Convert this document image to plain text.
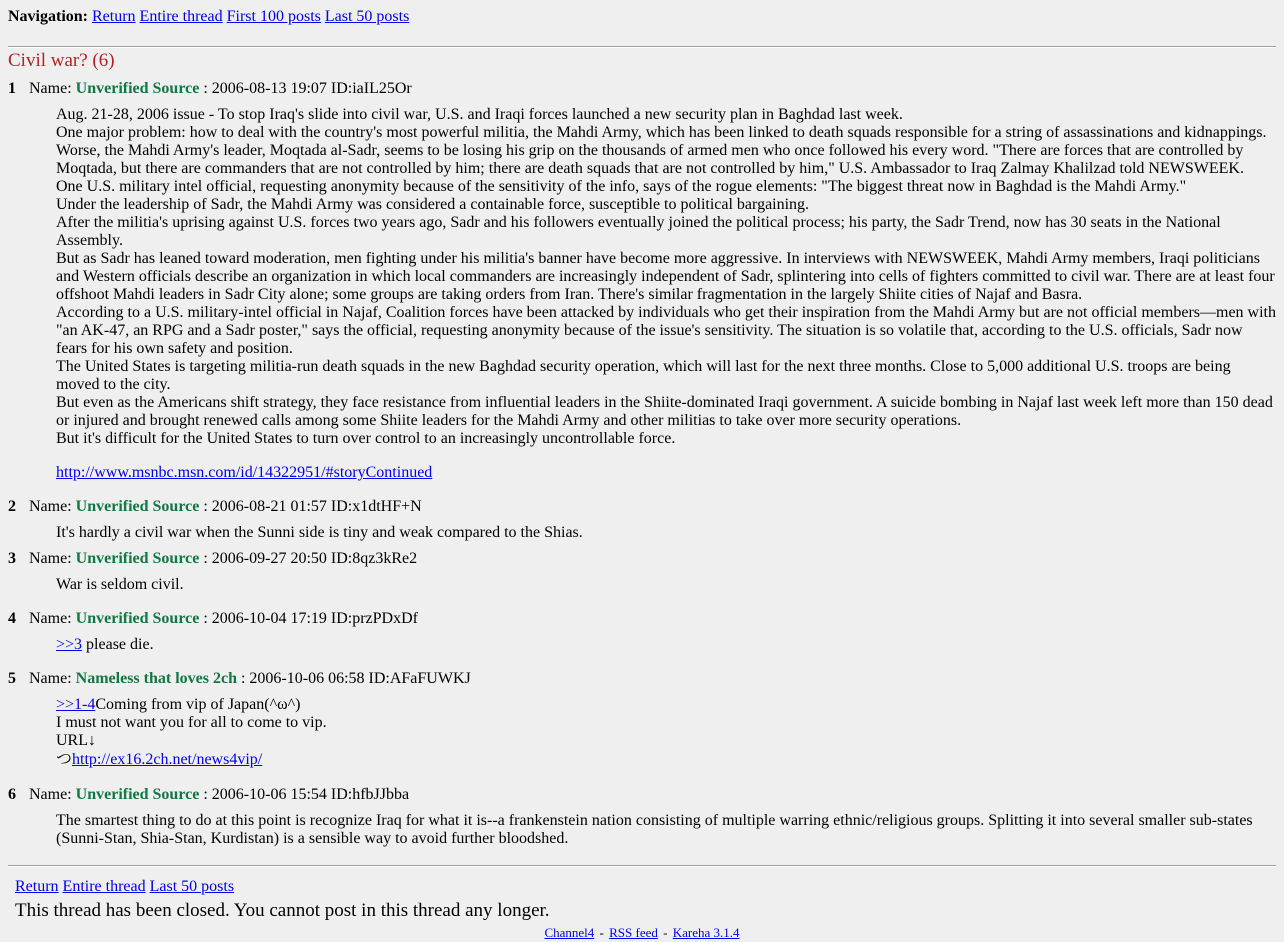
Navigation: Return Entire thread First 100 posts Last 50 posts
Civil war? (6)
1 Name: Unverified Source : 2006-08-13 19:07 ID:iaIL25Or

Aug. 21-28, 2006 issue - To stop Iraq's slide into civil war, U.S. and Iraqi forces launched a new security plan in Baghdad last week.

One major problem: how to deal with the country's most powerful militia, the Mahdi Army, which has been linked to death squads responsible for a string of assassinations and kidnappings.

Worse, the Mahdi Army's leader, Moqtada al-Sadr, seems to be losing his grip on the thousands of armed men who once followed his every word. "There are forces that are controlled by Moqtada, but there are commanders that are not controlled by him; there are death squads that are not controlled by him," U.S. Ambassador to Iraq Zalmay Khalilzad told NEWSWEEK.

One U.S. military intel official, requesting anonymity because of the sensitivity of the info, says of the rogue elements: "The biggest threat now in Baghdad is the Mahdi Army."

Under the leadership of Sadr, the Mahdi Army was considered a containable force, susceptible to political bargaining.

After the militia's uprising against U.S. forces two years ago, Sadr and his followers eventually joined the political process; his party, the Sadr Trend, now has 30 seats in the National Assembly.

But as Sadr has leaned toward moderation, men fighting under his militia's banner have become more aggressive. In interviews with NEWSWEEK, Mahdi Army members, Iraqi politicians and Western officials describe an organization in which local commanders are increasingly independent of Sadr, splintering into cells of fighters committed to civil war. There are at least four offshoot Mahdi leaders in Sadr City alone; some groups are taking orders from Iran. There's similar fragmentation in the largely Shiite cities of Najaf and Basra.

According to a U.S. military-intel official in Najaf, Coalition forces have been attacked by individuals who get their inspiration from the Mahdi Army but are not official members—men with "an AK-47, an RPG and a Sadr poster," says the official, requesting anonymity because of the issue's sensitivity. The situation is so volatile that, according to the U.S. officials, Sadr now fears for his own safety and position.

The United States is targeting militia-run death squads in the new Baghdad security operation, which will last for the next three months. Close to 5,000 additional U.S. troops are being moved to the city.

But even as the Americans shift strategy, they face resistance from influential leaders in the Shiite-dominated Iraqi government. A suicide bombing in Najaf last week left more than 150 dead or injured and brought renewed calls among some Shiite leaders for the Mahdi Army and other militias to take over more security operations.

But it's difficult for the United States to turn over control to an increasingly uncontrollable force.

http://www.msnbc.msn.com/id/14322951/#storyContinued

2 Name: Unverified Source : 2006-08-21 01:57 ID:x1dtHF+N

It's hardly a civil war when the Sunni side is tiny and weak compared to the Shias.

3 Name: Unverified Source : 2006-09-27 20:50 ID:8qz3kRe2

War is seldom civil.

4 Name: Unverified Source : 2006-10-04 17:19 ID:przPDxDf

>>3 please die.

5 Name: Nameless that loves 2ch : 2006-10-06 06:58 ID:AFaFUWKJ

>>1-4Coming from vip of Japan(^ω^)

I must not want you for all to come to vip.

URL↓

つhttp://ex16.2ch.net/news4vip/

6 Name: Unverified Source : 2006-10-06 15:54 ID:hfbJJbba

The smartest thing to do at this point is recognize Iraq for what it is--a frankenstein nation consisting of multiple warring ethnic/religious groups. Splitting it into several smaller sub-states (Sunni-Stan, Shia-Stan, Kurdistan) is a sensible way to avoid further bloodshed.

Return Entire thread Last 50 posts
This thread has been closed. You cannot post in this thread any longer.
Channel4 - RSS feed - Kareha 3.1.4
